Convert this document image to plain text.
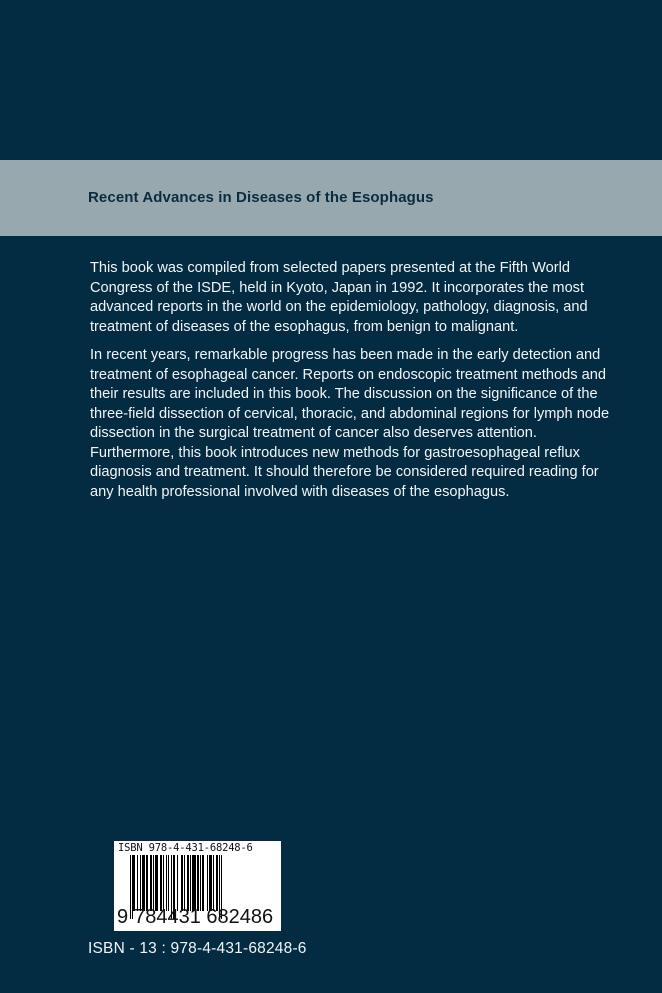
Recent Advances in Diseases of the Esophagus

This book was compiled from selected papers presented at the Fifth World Congress of the ISDE, held in Kyoto, Japan in 1992. It incorporates the most advanced reports in the world on the epidemiology, pathology, diagnosis, and treatment of diseases of the esophagus, from benign to malignant.

In recent years, remarkable progress has been made in the early detection and treatment of esophageal cancer. Reports on endoscopic treatment methods and their results are included in this book. The discussion on the significance of the three-field dissection of cervical, thoracic, and abdominal regions for lymph node dissection in the surgical treatment of cancer also deserves attention. Furthermore, this book introduces new methods for gastroesophageal reflux diagnosis and treatment. It should therefore be considered required reading for any health professional involved with diseases of the esophagus.

ISBN 978-4-431-68248-6
9 784431 682486
ISBN - 13 : 978-4-431-68248-6
